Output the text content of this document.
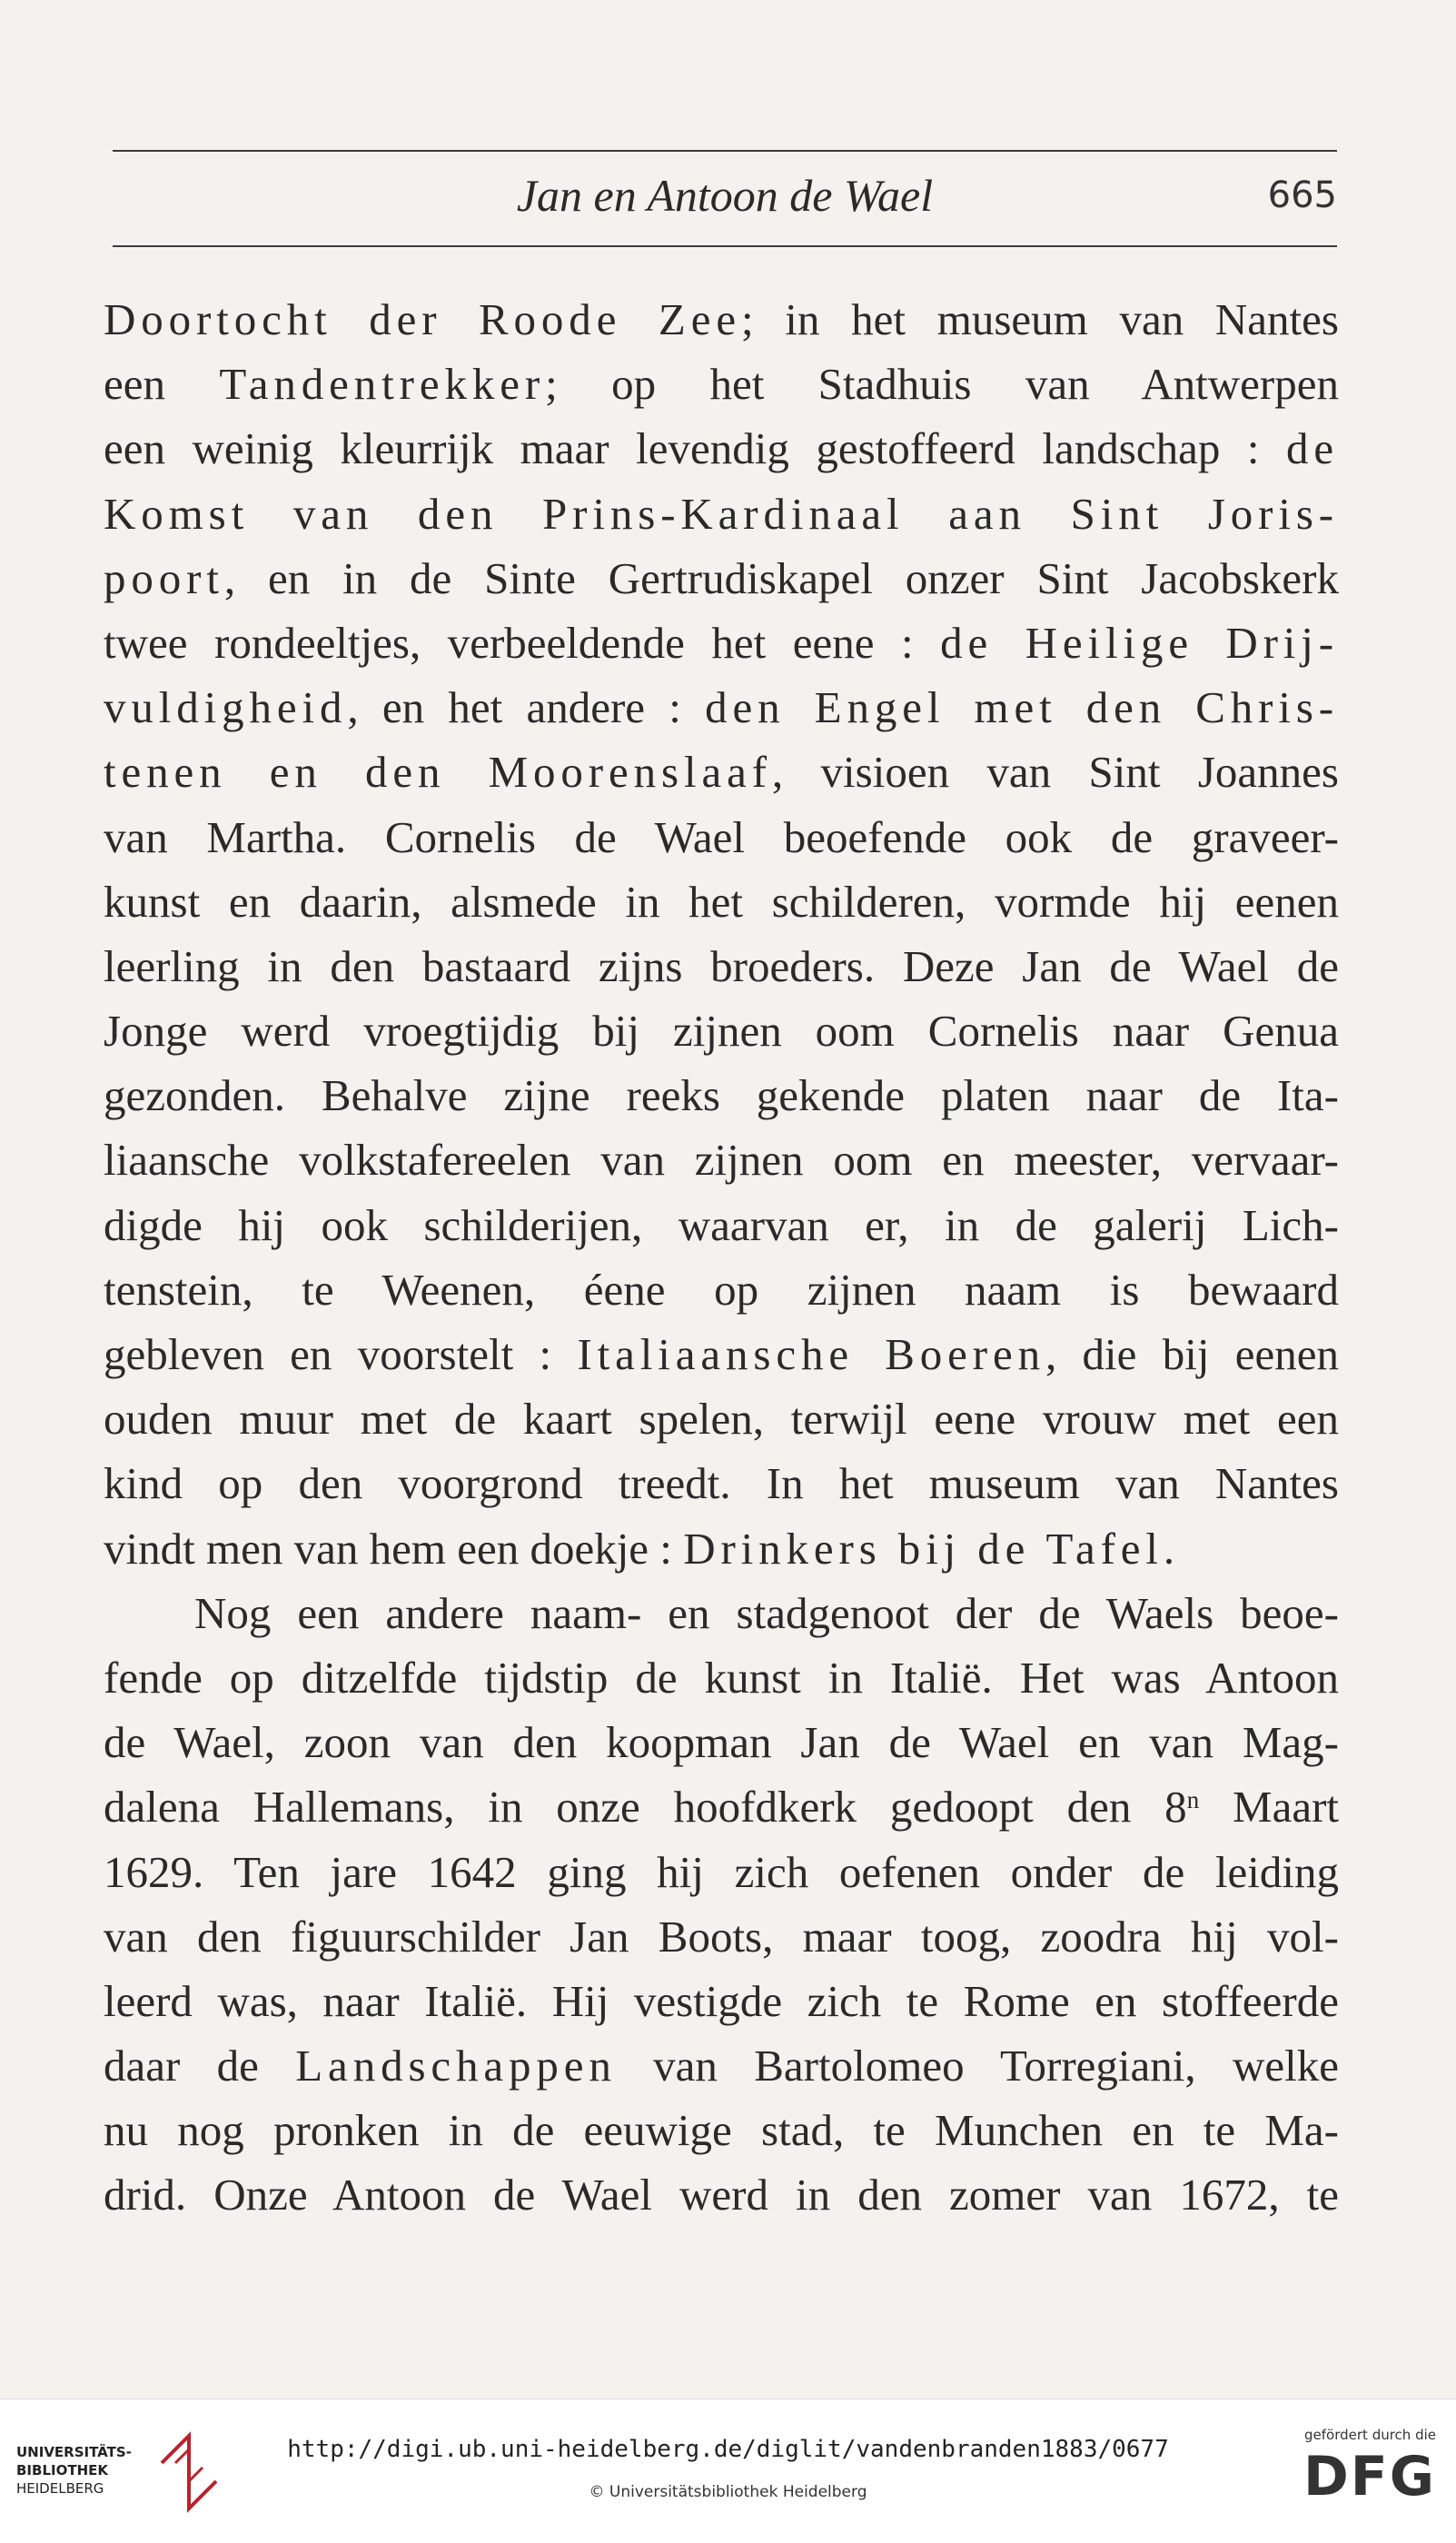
Jan en Antoon de Wael	665
Doortocht der Roode Zee; in het museum van Nantes
een Tandentrekker; op het Stadhuis van Antwerpen
een weinig kleurrijk maar levendig gestoffeerd landschap : de
Komst van den Prins-Kardinaal aan Sint Joris-
poort, en in de Sinte Gertrudiskapel onzer Sint Jacobskerk
twee rondeeltjes, verbeeldende het eene : de Heilige Drij-
vuldigheid, en het andere : den Engel met den Chris-
tenen en den Moorenslaaf, visioen van Sint Joannes
van Martha. Cornelis de Wael beoefende ook de graveer-
kunst en daarin, alsmede in het schilderen, vormde hij eenen
leerling in den bastaard zijns broeders. Deze Jan de Wael de
Jonge werd vroegtijdig bij zijnen oom Cornelis naar Genua
gezonden. Behalve zijne reeks gekende platen naar de Ita-
liaansche volkstafereelen van zijnen oom en meester, vervaar-
digde hij ook schilderijen, waarvan er, in de galerij Lich-
tenstein, te Weenen, éene op zijnen naam is bewaard
gebleven en voorstelt : Italiaansche Boeren, die bij eenen
ouden muur met de kaart spelen, terwijl eene vrouw met een
kind op den voorgrond treedt. In het museum van Nantes
vindt men van hem een doekje : Drinkers bij de Tafel.
Nog een andere naam- en stadgenoot der de Waels beoe-
fende op ditzelfde tijdstip de kunst in Italië. Het was Antoon
de Wael, zoon van den koopman Jan de Wael en van Mag-
dalena Hallemans, in onze hoofdkerk gedoopt den 8$^n$ Maart
1629. Ten jare 1642 ging hij zich oefenen onder de leiding
van den figuurschilder Jan Boots, maar toog, zoodra hij vol-
leerd was, naar Italië. Hij vestigde zich te Rome en stoffeerde
daar de Landschappen van Bartolomeo Torregiani, welke
nu nog pronken in de eeuwige stad, te Munchen en te Ma-
drid. Onze Antoon de Wael werd in den zomer van 1672, te
UNIVERSITÄTS-
BIBLIOTHEK
HEIDELBERG
http://digi.ub.uni-heidelberg.de/diglit/vandenbranden1883/0677
© Universitätsbibliothek Heidelberg
gefördert durch die
DFG
